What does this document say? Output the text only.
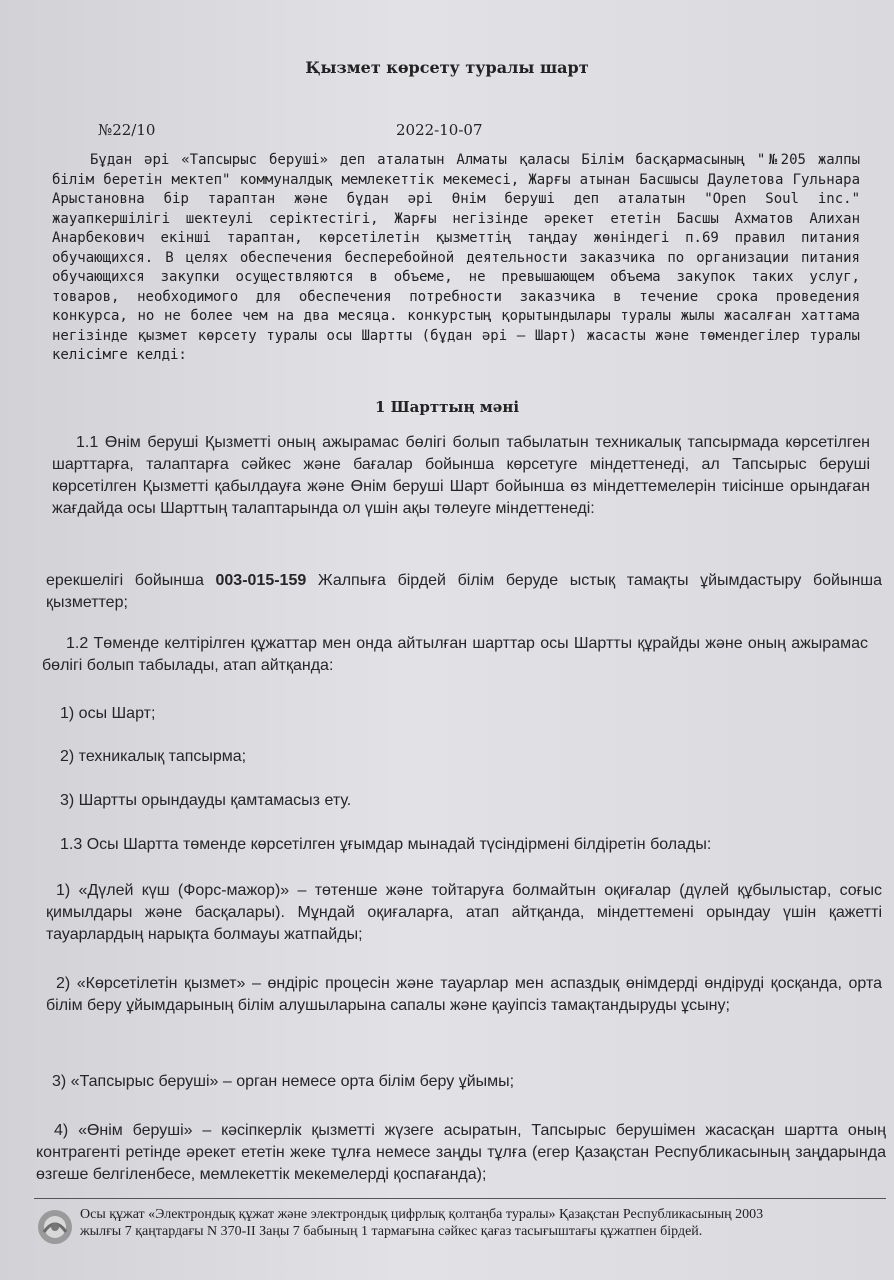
Қызмет көрсету туралы шарт
№22/10	2022-10-07
Бұдан әрі «Тапсырыс беруші» деп аталатын Алматы қаласы Білім басқармасының "№205 жалпы білім беретін мектеп" коммуналдық мемлекеттік мекемесі, Жарғы атынан Басшысы Даулетова Гульнара Арыстановна бір тараптан және бұдан әрі Өнім беруші деп аталатын "Open Soul inc." жауапкершілігі шектеулі серіктестігі, Жарғы негізінде әрекет ететін Басшы Ахматов Алихан Анарбекович екінші тараптан, көрсетілетін қызметтің таңдау жөніндегі п.69 правил питания обучающихся. В целях обеспечения бесперебойной деятельности заказчика по организации питания обучающихся закупки осуществляются в объеме, не превышающем объема закупок таких услуг, товаров, необходимого для обеспечения потребности заказчика в течение срока проведения конкурса, но не более чем на два месяца. конкурстың қорытындылары туралы жылы жасалған хаттама негізінде қызмет көрсету туралы осы Шартты (бұдан әрі – Шарт) жасасты және төмендегілер туралы келісімге келді:
1 Шарттың мәні
1.1 Өнім беруші Қызметті оның ажырамас бөлігі болып табылатын техникалық тапсырмада көрсетілген шарттарға, талаптарға сәйкес және бағалар бойынша көрсетуге міндеттенеді, ал Тапсырыс беруші көрсетілген Қызметті қабылдауға және Өнім беруші Шарт бойынша өз міндеттемелерін тиісінше орындаған жағдайда осы Шарттың талаптарында ол үшін ақы төлеуге міндеттенеді:
ерекшелігі бойынша 003-015-159 Жалпыға бірдей білім беруде ыстық тамақты ұйымдастыру бойынша қызметтер;
1.2 Төменде келтірілген құжаттар мен онда айтылған шарттар осы Шартты құрайды және оның ажырамас бөлігі болып табылады, атап айтқанда:
1) осы Шарт;
2) техникалық тапсырма;
3) Шартты орындауды қамтамасыз ету.
1.3 Осы Шартта төменде көрсетілген ұғымдар мынадай түсіндірмені білдіретін болады:
1) «Дүлей күш (Форс-мажор)» – төтенше және тойтаруға болмайтын оқиғалар (дүлей құбылыстар, соғыс қимылдары және басқалары). Мұндай оқиғаларға, атап айтқанда, міндеттемені орындау үшін қажетті тауарлардың нарықта болмауы жатпайды;
2) «Көрсетілетін қызмет» – өндіріс процесін және тауарлар мен аспаздық өнімдерді өндіруді қосқанда, орта білім беру ұйымдарының білім алушыларына сапалы және қауіпсіз тамақтандыруды ұсыну;
3) «Тапсырыс беруші» – орган немесе орта білім беру ұйымы;
4) «Өнім беруші» – кәсіпкерлік қызметті жүзеге асыратын, Тапсырыс берушімен жасасқан шартта оның контрагенті ретінде әрекет ететін жеке тұлға немесе заңды тұлға (егер Қазақстан Республикасының заңдарында өзгеше белгіленбесе, мемлекеттік мекемелерді қоспағанда);
Осы құжат «Электрондық құжат және электрондық цифрлық қолтаңба туралы» Қазақстан Республикасының 2003 жылғы 7 қаңтардағы N 370-II Заңы 7 бабының 1 тармағына сәйкес қағаз тасығыштағы құжатпен бірдей.
